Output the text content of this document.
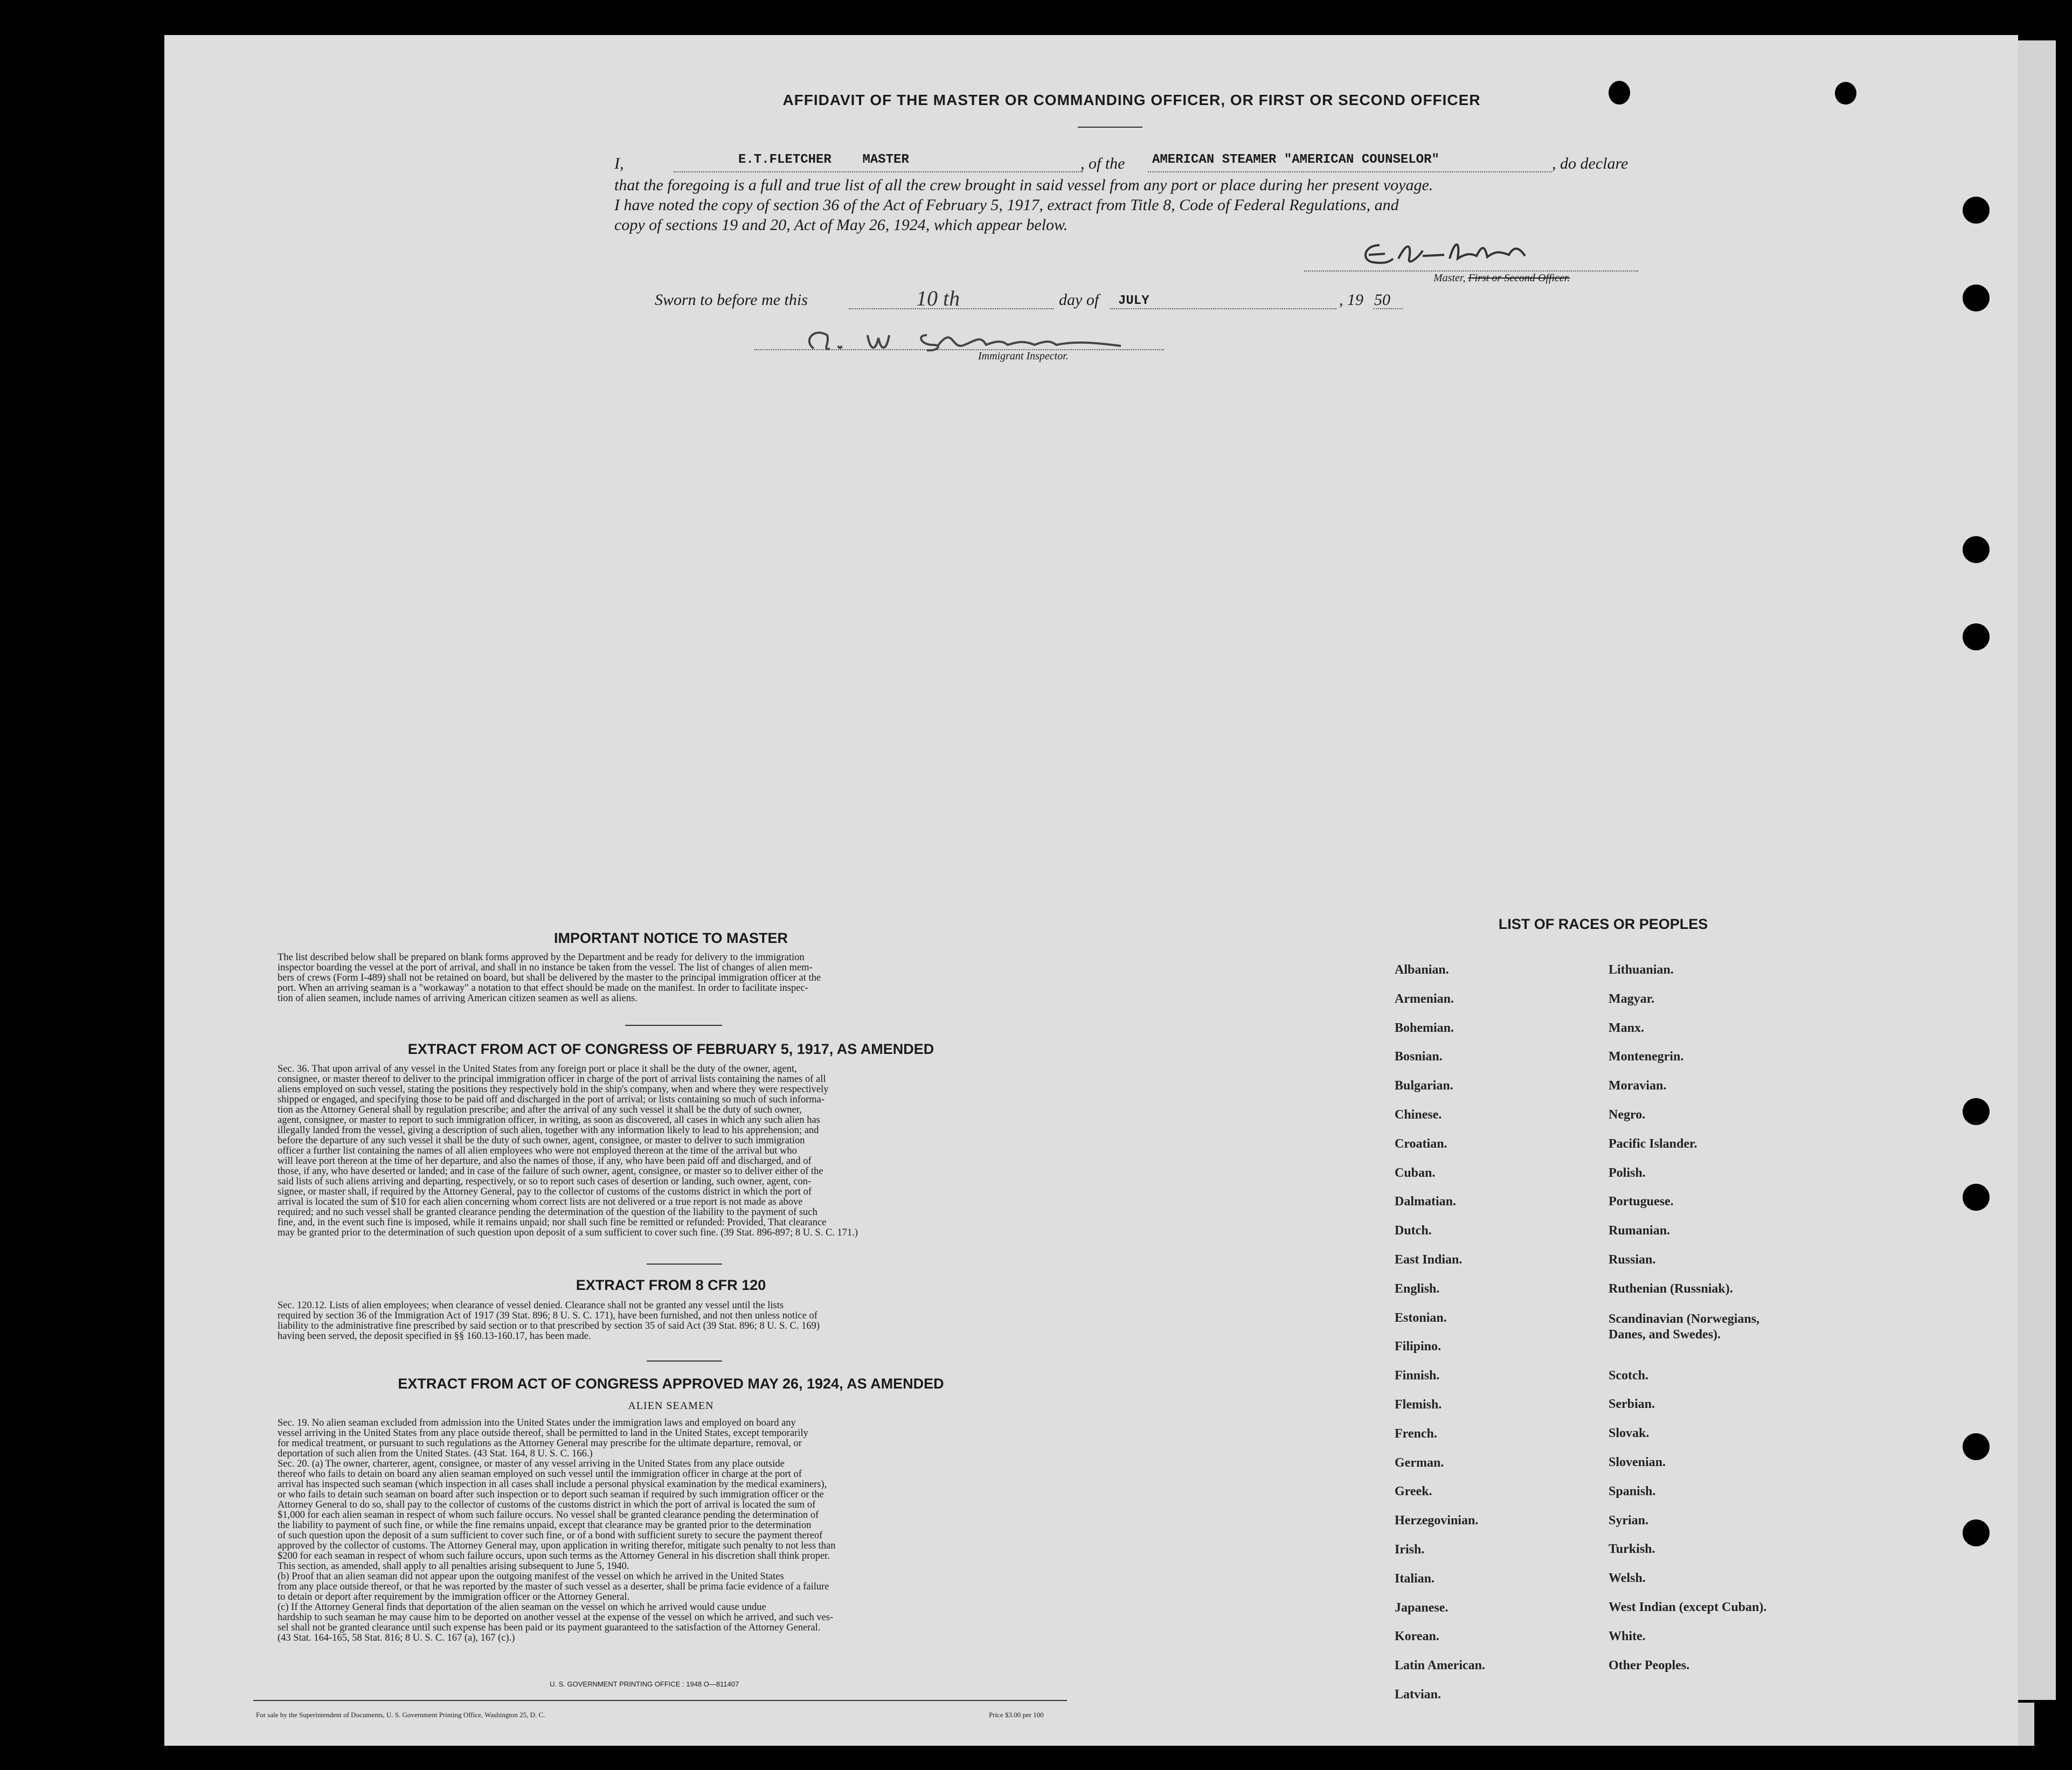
AFFIDAVIT OF THE MASTER OR COMMANDING OFFICER, OR FIRST OR SECOND OFFICER
I,	E.T.FLETCHER    MASTER	, of the AMERICAN STEAMER "AMERICAN COUNSELOR"	, do declare
that the foregoing is a full and true list of all the crew brought in said vessel from any port or place during her present voyage.
I have noted the copy of section 36 of the Act of February 5, 1917, extract from Title 8, Code of Federal Regulations, and
copy of sections 19 and 20, Act of May 26, 1924, which appear below.
Master, First or Second Officer.
Sworn to before me this	10 th	day of JULY	, 19 50
Immigrant Inspector.
IMPORTANT NOTICE TO MASTER
The list described below shall be prepared on blank forms approved by the Department and be ready for delivery to the immigration
inspector boarding the vessel at the port of arrival, and shall in no instance be taken from the vessel. The list of changes of alien mem-
bers of crews (Form I-489) shall not be retained on board, but shall be delivered by the master to the principal immigration officer at the
port. When an arriving seaman is a "workaway" a notation to that effect should be made on the manifest. In order to facilitate inspec-
tion of alien seamen, include names of arriving American citizen seamen as well as aliens.
EXTRACT FROM ACT OF CONGRESS OF FEBRUARY 5, 1917, AS AMENDED
Sec. 36. That upon arrival of any vessel in the United States from any foreign port or place it shall be the duty of the owner, agent,
consignee, or master thereof to deliver to the principal immigration officer in charge of the port of arrival lists containing the names of all
aliens employed on such vessel, stating the positions they respectively hold in the ship's company, when and where they were respectively
shipped or engaged, and specifying those to be paid off and discharged in the port of arrival; or lists containing so much of such informa-
tion as the Attorney General shall by regulation prescribe; and after the arrival of any such vessel it shall be the duty of such owner,
agent, consignee, or master to report to such immigration officer, in writing, as soon as discovered, all cases in which any such alien has
illegally landed from the vessel, giving a description of such alien, together with any information likely to lead to his apprehension; and
before the departure of any such vessel it shall be the duty of such owner, agent, consignee, or master to deliver to such immigration
officer a further list containing the names of all alien employees who were not employed thereon at the time of the arrival but who
will leave port thereon at the time of her departure, and also the names of those, if any, who have been paid off and discharged, and of
those, if any, who have deserted or landed; and in case of the failure of such owner, agent, consignee, or master so to deliver either of the
said lists of such aliens arriving and departing, respectively, or so to report such cases of desertion or landing, such owner, agent, con-
signee, or master shall, if required by the Attorney General, pay to the collector of customs of the customs district in which the port of
arrival is located the sum of $10 for each alien concerning whom correct lists are not delivered or a true report is not made as above
required; and no such vessel shall be granted clearance pending the determination of the question of the liability to the payment of such
fine, and, in the event such fine is imposed, while it remains unpaid; nor shall such fine be remitted or refunded: Provided, That clearance
may be granted prior to the determination of such question upon deposit of a sum sufficient to cover such fine. (39 Stat. 896-897; 8 U. S. C. 171.)
EXTRACT FROM 8 CFR 120
Sec. 120.12. Lists of alien employees; when clearance of vessel denied. Clearance shall not be granted any vessel until the lists
required by section 36 of the Immigration Act of 1917 (39 Stat. 896; 8 U. S. C. 171), have been furnished, and not then unless notice of
liability to the administrative fine prescribed by said section or to that prescribed by section 35 of said Act (39 Stat. 896; 8 U. S. C. 169)
having been served, the deposit specified in §§ 160.13-160.17, has been made.
EXTRACT FROM ACT OF CONGRESS APPROVED MAY 26, 1924, AS AMENDED
ALIEN SEAMEN
Sec. 19. No alien seaman excluded from admission into the United States under the immigration laws and employed on board any
vessel arriving in the United States from any place outside thereof, shall be permitted to land in the United States, except temporarily
for medical treatment, or pursuant to such regulations as the Attorney General may prescribe for the ultimate departure, removal, or
deportation of such alien from the United States. (43 Stat. 164, 8 U. S. C. 166.)
Sec. 20. (a) The owner, charterer, agent, consignee, or master of any vessel arriving in the United States from any place outside
thereof who fails to detain on board any alien seaman employed on such vessel until the immigration officer in charge at the port of
arrival has inspected such seaman (which inspection in all cases shall include a personal physical examination by the medical examiners),
or who fails to detain such seaman on board after such inspection or to deport such seaman if required by such immigration officer or the
Attorney General to do so, shall pay to the collector of customs of the customs district in which the port of arrival is located the sum of
$1,000 for each alien seaman in respect of whom such failure occurs. No vessel shall be granted clearance pending the determination of
the liability to payment of such fine, or while the fine remains unpaid, except that clearance may be granted prior to the determination
of such question upon the deposit of a sum sufficient to cover such fine, or of a bond with sufficient surety to secure the payment thereof
approved by the collector of customs. The Attorney General may, upon application in writing therefor, mitigate such penalty to not less than
$200 for each seaman in respect of whom such failure occurs, upon such terms as the Attorney General in his discretion shall think proper.
This section, as amended, shall apply to all penalties arising subsequent to June 5, 1940.
(b) Proof that an alien seaman did not appear upon the outgoing manifest of the vessel on which he arrived in the United States
from any place outside thereof, or that he was reported by the master of such vessel as a deserter, shall be prima facie evidence of a failure
to detain or deport after requirement by the immigration officer or the Attorney General.
(c) If the Attorney General finds that deportation of the alien seaman on the vessel on which he arrived would cause undue
hardship to such seaman he may cause him to be deported on another vessel at the expense of the vessel on which he arrived, and such ves-
sel shall not be granted clearance until such expense has been paid or its payment guaranteed to the satisfaction of the Attorney General.
(43 Stat. 164-165, 58 Stat. 816; 8 U. S. C. 167 (a), 167 (c).)
U. S. GOVERNMENT PRINTING OFFICE : 1948 O—811407
For sale by the Superintendent of Documents, U. S. Government Printing Office, Washington 25, D. C.	Price $3.00 per 100
LIST OF RACES OR PEOPLES
Albanian.
Armenian.
Bohemian.
Bosnian.
Bulgarian.
Chinese.
Croatian.
Cuban.
Dalmatian.
Dutch.
East Indian.
English.
Estonian.
Filipino.
Finnish.
Flemish.
French.
German.
Greek.
Herzegovinian.
Irish.
Italian.
Japanese.
Korean.
Latin American.
Latvian.
Lithuanian.
Magyar.
Manx.
Montenegrin.
Moravian.
Negro.
Pacific Islander.
Polish.
Portuguese.
Rumanian.
Russian.
Ruthenian (Russniak).
Scandinavian (Norwegians,
Danes, and Swedes).
Scotch.
Serbian.
Slovak.
Slovenian.
Spanish.
Syrian.
Turkish.
Welsh.
West Indian (except Cuban).
White.
Other Peoples.
